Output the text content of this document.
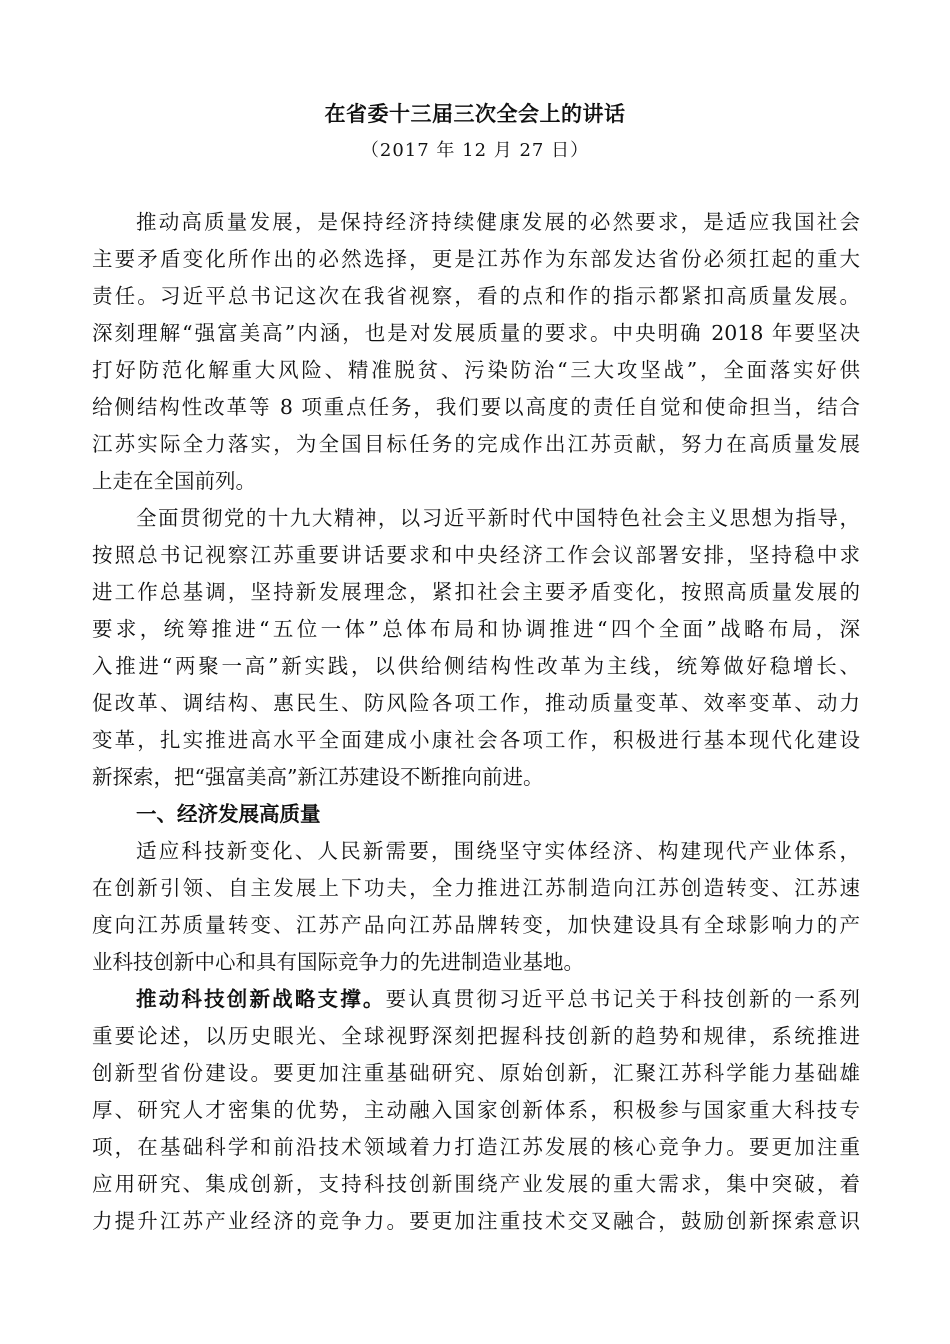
在省委十三届三次全会上的讲话
（2017 年 12 月 27 日）
推动高质量发展，是保持经济持续健康发展的必然要求，是适应我国社会
主要矛盾变化所作出的必然选择，更是江苏作为东部发达省份必须扛起的重大
责任。习近平总书记这次在我省视察，看的点和作的指示都紧扣高质量发展。
深刻理解“强富美高”内涵，也是对发展质量的要求。中央明确 2018 年要坚决
打好防范化解重大风险、精准脱贫、污染防治“三大攻坚战”，全面落实好供
给侧结构性改革等 8 项重点任务，我们要以高度的责任自觉和使命担当，结合
江苏实际全力落实，为全国目标任务的完成作出江苏贡献，努力在高质量发展
上走在全国前列。
全面贯彻党的十九大精神，以习近平新时代中国特色社会主义思想为指导，
按照总书记视察江苏重要讲话要求和中央经济工作会议部署安排，坚持稳中求
进工作总基调，坚持新发展理念，紧扣社会主要矛盾变化，按照高质量发展的
要求，统筹推进“五位一体”总体布局和协调推进“四个全面”战略布局，深
入推进“两聚一高”新实践，以供给侧结构性改革为主线，统筹做好稳增长、
促改革、调结构、惠民生、防风险各项工作，推动质量变革、效率变革、动力
变革，扎实推进高水平全面建成小康社会各项工作，积极进行基本现代化建设
新探索，把“强富美高”新江苏建设不断推向前进。
一、经济发展高质量
适应科技新变化、人民新需要，围绕坚守实体经济、构建现代产业体系，
在创新引领、自主发展上下功夫，全力推进江苏制造向江苏创造转变、江苏速
度向江苏质量转变、江苏产品向江苏品牌转变，加快建设具有全球影响力的产
业科技创新中心和具有国际竞争力的先进制造业基地。
推动科技创新战略支撑。要认真贯彻习近平总书记关于科技创新的一系列
重要论述，以历史眼光、全球视野深刻把握科技创新的趋势和规律，系统推进
创新型省份建设。要更加注重基础研究、原始创新，汇聚江苏科学能力基础雄
厚、研究人才密集的优势，主动融入国家创新体系，积极参与国家重大科技专
项，在基础科学和前沿技术领域着力打造江苏发展的核心竞争力。要更加注重
应用研究、集成创新，支持科技创新围绕产业发展的重大需求，集中突破，着
力提升江苏产业经济的竞争力。要更加注重技术交叉融合，鼓励创新探索意识
